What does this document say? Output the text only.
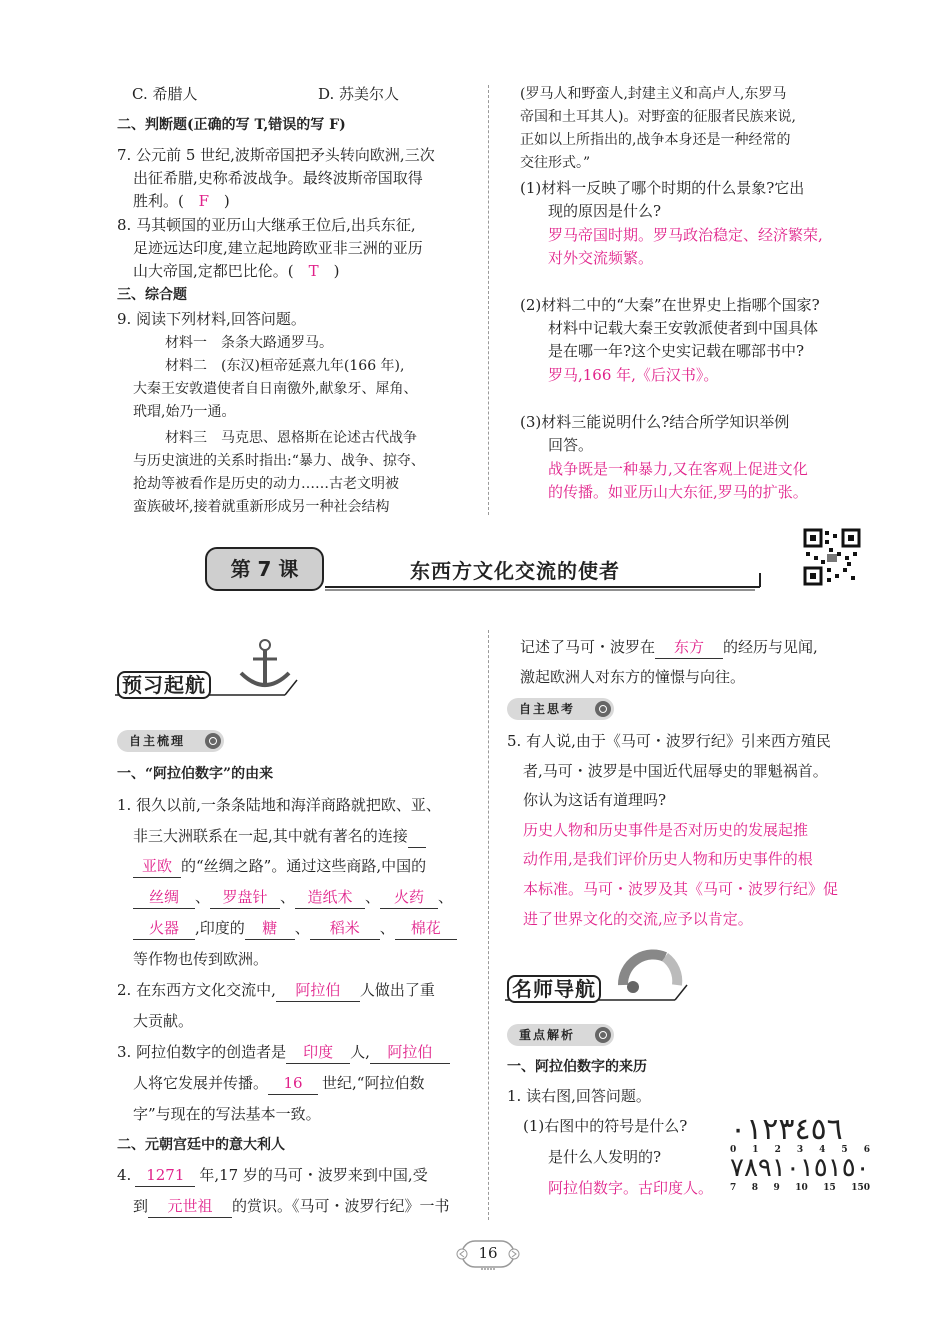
C. 希腊人	D. 苏美尔人
二、判断题(正确的写 T,错误的写 F)
7. 公元前 5 世纪,波斯帝国把矛头转向欧洲,三次
出征希腊,史称希波战争。最终波斯帝国取得
胜利。( F )
8. 马其顿国的亚历山大继承王位后,出兵东征,
足迹远达印度,建立起地跨欧亚非三洲的亚历
山大帝国,定都巴比伦。( T )
三、综合题
9. 阅读下列材料,回答问题。
材料一　条条大路通罗马。
材料二　(东汉)桓帝延熹九年(166 年),
大秦王安敦遣使者自日南徼外,献象牙、犀角、
玳瑁,始乃一通。
材料三　马克思、恩格斯在论述古代战争
与历史演进的关系时指出:“暴力、战争、掠夺、
抢劫等被看作是历史的动力……古老文明被
蛮族破坏,接着就重新形成另一种社会结构
(罗马人和野蛮人,封建主义和高卢人,东罗马
帝国和土耳其人)。对野蛮的征服者民族来说,
正如以上所指出的,战争本身还是一种经常的
交往形式。”
(1)材料一反映了哪个时期的什么景象?它出
现的原因是什么?
罗马帝国时期。罗马政治稳定、经济繁荣,
对外交流频繁。
(2)材料二中的“大秦”在世界史上指哪个国家?
材料中记载大秦王安敦派使者到中国具体
是在哪一年?这个史实记载在哪部书中?
罗马,166 年,《后汉书》。
(3)材料三能说明什么?结合所学知识举例
回答。
战争既是一种暴力,又在客观上促进文化
的传播。如亚历山大东征,罗马的扩张。
第 7 课	东西方文化交流的使者
预习起航
自主梳理
一、“阿拉伯数字”的由来
1. 很久以前,一条条陆地和海洋商路就把欧、亚、
非三大洲联系在一起,其中就有著名的连接
亚欧 的“丝绸之路”。通过这些商路,中国的
丝绸 、 罗盘针 、 造纸术 、 火药 、
火器 ,印度的 糖 、 稻米 、 棉花
等作物也传到欧洲。
2. 在东西方文化交流中, 阿拉伯 人做出了重
大贡献。
3. 阿拉伯数字的创造者是 印度 人, 阿拉伯
人将它发展并传播。 16 世纪,“阿拉伯数
字”与现在的写法基本一致。
二、元朝宫廷中的意大利人
4. 1271 年,17 岁的马可・波罗来到中国,受
到 元世祖 的赏识。《马可・波罗行纪》一书
记述了马可・波罗在 东方 的经历与见闻,
激起欧洲人对东方的憧憬与向往。
自主思考
5. 有人说,由于《马可・波罗行纪》引来西方殖民
者,马可・波罗是中国近代屈辱史的罪魁祸首。
你认为这话有道理吗?
历史人物和历史事件是否对历史的发展起推
动作用,是我们评价历史人物和历史事件的根
本标准。马可・波罗及其《马可・波罗行纪》促
进了世界文化的交流,应予以肯定。
名师导航
重点解析
一、阿拉伯数字的来历
1. 读右图,回答问题。
(1)右图中的符号是什么?
是什么人发明的?
阿拉伯数字。古印度人。
٠١٢٣٤٥٦
0 1 2 3 4 5 6
٧٨٩١٠١٥١٥٠
7 8 9 10 15 150
16
